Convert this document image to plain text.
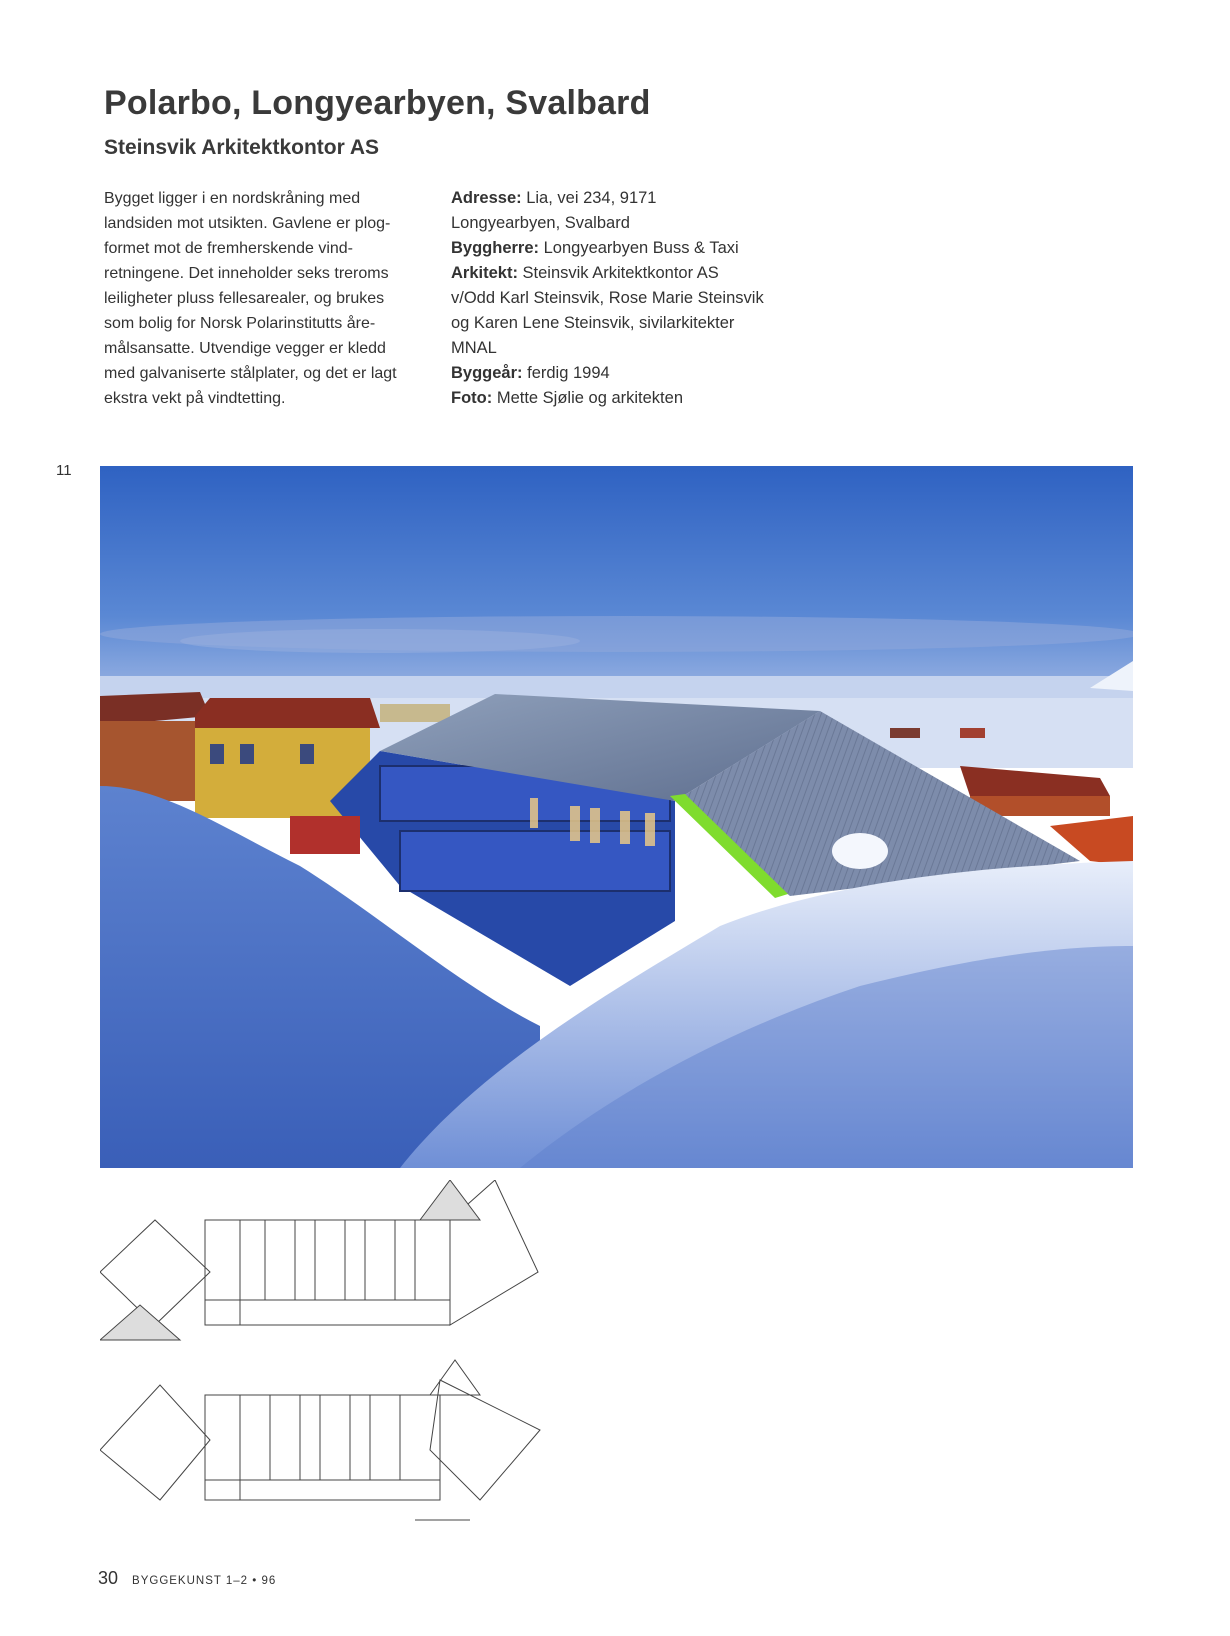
Polarbo, Longyearbyen, Svalbard
Steinsvik Arkitektkontor AS

Bygget ligger i en nordskråning med
landsiden mot utsikten. Gavlene er plog-
formet mot de fremherskende vind-
retningene. Det inneholder seks treroms
leiligheter pluss fellesarealer, og brukes
som bolig for Norsk Polarinstitutts åre-
målsansatte. Utvendige vegger er kledd
med galvaniserte stålplater, og det er lagt
ekstra vekt på vindtetting.

Adresse: Lia, vei 234, 9171
Longyearbyen, Svalbard
Byggherre: Longyearbyen Buss & Taxi
Arkitekt: Steinsvik Arkitektkontor AS
v/Odd Karl Steinsvik, Rose Marie Steinsvik
og Karen Lene Steinsvik, sivilarkitekter
MNAL
Byggeår: ferdig 1994
Foto: Mette Sjølie og arkitekten
11
30 BYGGEKUNST 1–2 • 96
